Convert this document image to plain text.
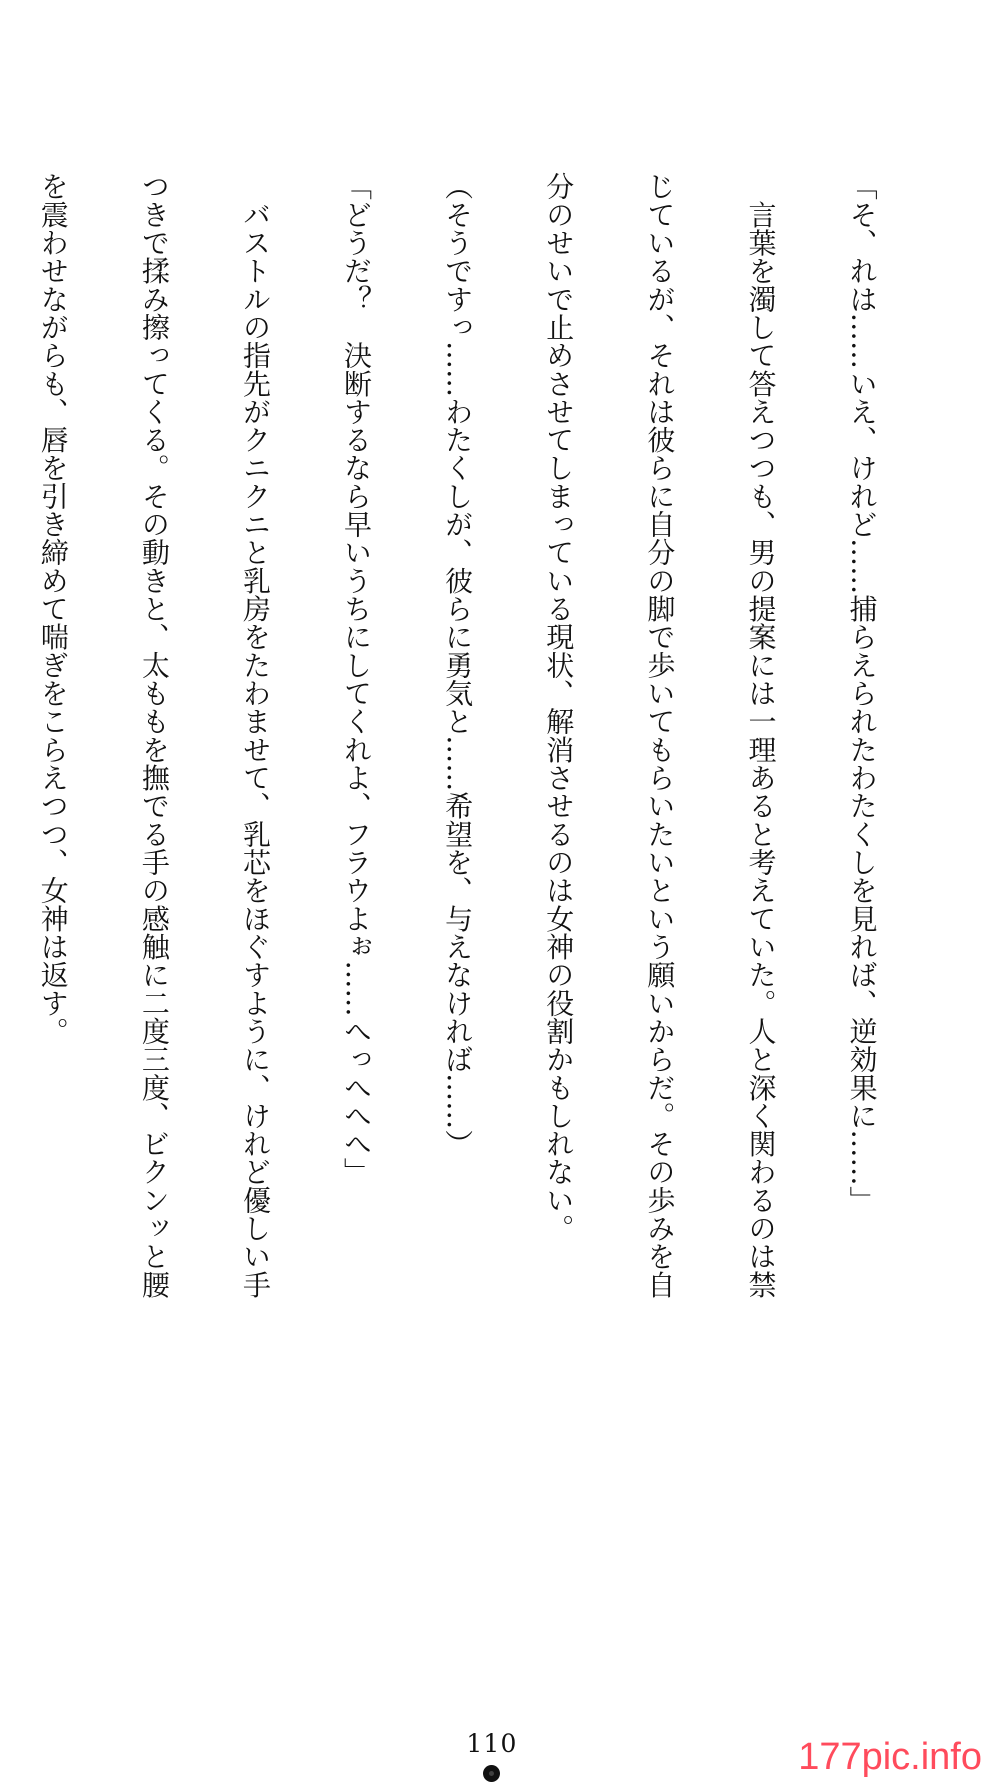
「そ、れは……いえ、けれど……捕らえられたわたくしを見れば、逆効果に……」

　言葉を濁して答えつつも、男の提案には一理あると考えていた。人と深く関わるのは禁

じているが、それは彼らに自分の脚で歩いてもらいたいという願いからだ。その歩みを自

分のせいで止めさせてしまっている現状、解消させるのは女神の役割かもしれない。

（そうですっ……わたくしが、彼らに勇気と……希望を、与えなければ……）

「どうだ？　決断するなら早いうちにしてくれよ、フラウよぉ……へっへへへ」

　バストルの指先がクニクニと乳房をたわませて、乳芯をほぐすように、けれど優しい手

つきで揉み擦ってくる。その動きと、太ももを撫でる手の感触に二度三度、ビクンッと腰

を震わせながらも、唇を引き締めて喘ぎをこらえつつ、女神は返す。

110	177pic.info
